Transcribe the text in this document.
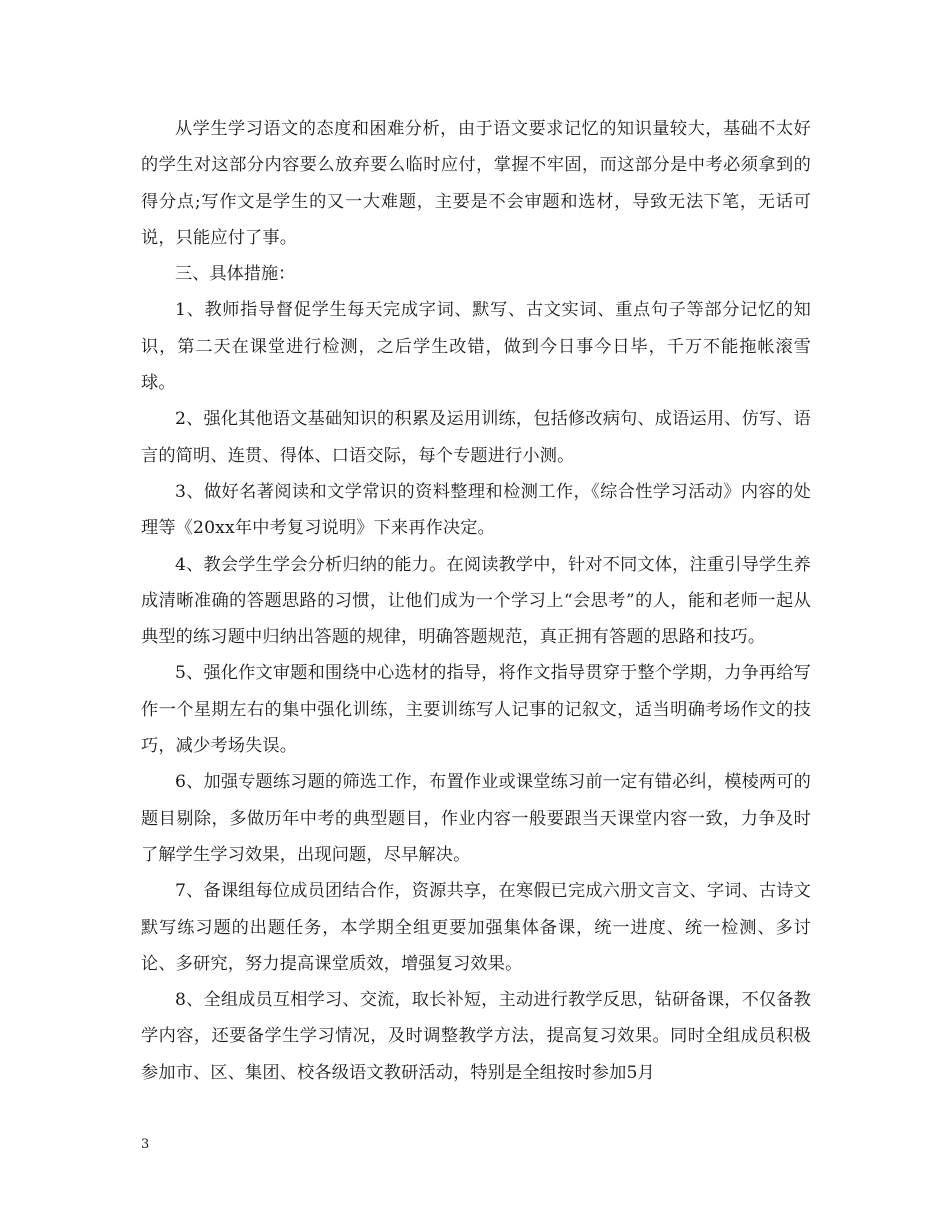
从学生学习语文的态度和困难分析，由于语文要求记忆的知识量较大，基础不太好的学生对这部分内容要么放弃要么临时应付，掌握不牢固，而这部分是中考必须拿到的得分点;写作文是学生的又一大难题，主要是不会审题和选材，导致无法下笔，无话可说，只能应付了事。

三、具体措施：

1、教师指导督促学生每天完成字词、默写、古文实词、重点句子等部分记忆的知识，第二天在课堂进行检测，之后学生改错，做到今日事今日毕，千万不能拖帐滚雪球。

2、强化其他语文基础知识的积累及运用训练，包括修改病句、成语运用、仿写、语言的简明、连贯、得体、口语交际，每个专题进行小测。

3、做好名著阅读和文学常识的资料整理和检测工作，《综合性学习活动》内容的处理等《20xx年中考复习说明》下来再作决定。

4、教会学生学会分析归纳的能力。在阅读教学中，针对不同文体，注重引导学生养成清晰准确的答题思路的习惯，让他们成为一个学习上“会思考”的人，能和老师一起从典型的练习题中归纳出答题的规律，明确答题规范，真正拥有答题的思路和技巧。

5、强化作文审题和围绕中心选材的指导，将作文指导贯穿于整个学期，力争再给写作一个星期左右的集中强化训练，主要训练写人记事的记叙文，适当明确考场作文的技巧，减少考场失误。

6、加强专题练习题的筛选工作，布置作业或课堂练习前一定有错必纠，模棱两可的题目剔除，多做历年中考的典型题目，作业内容一般要跟当天课堂内容一致，力争及时了解学生学习效果，出现问题，尽早解决。

7、备课组每位成员团结合作，资源共享，在寒假已完成六册文言文、字词、古诗文默写练习题的出题任务，本学期全组更要加强集体备课，统一进度、统一检测、多讨论、多研究，努力提高课堂质效，增强复习效果。

8、全组成员互相学习、交流，取长补短，主动进行教学反思，钻研备课，不仅备教学内容，还要备学生学习情况，及时调整教学方法，提高复习效果。同时全组成员积极参加市、区、集团、校各级语文教研活动，特别是全组按时参加5月

3
